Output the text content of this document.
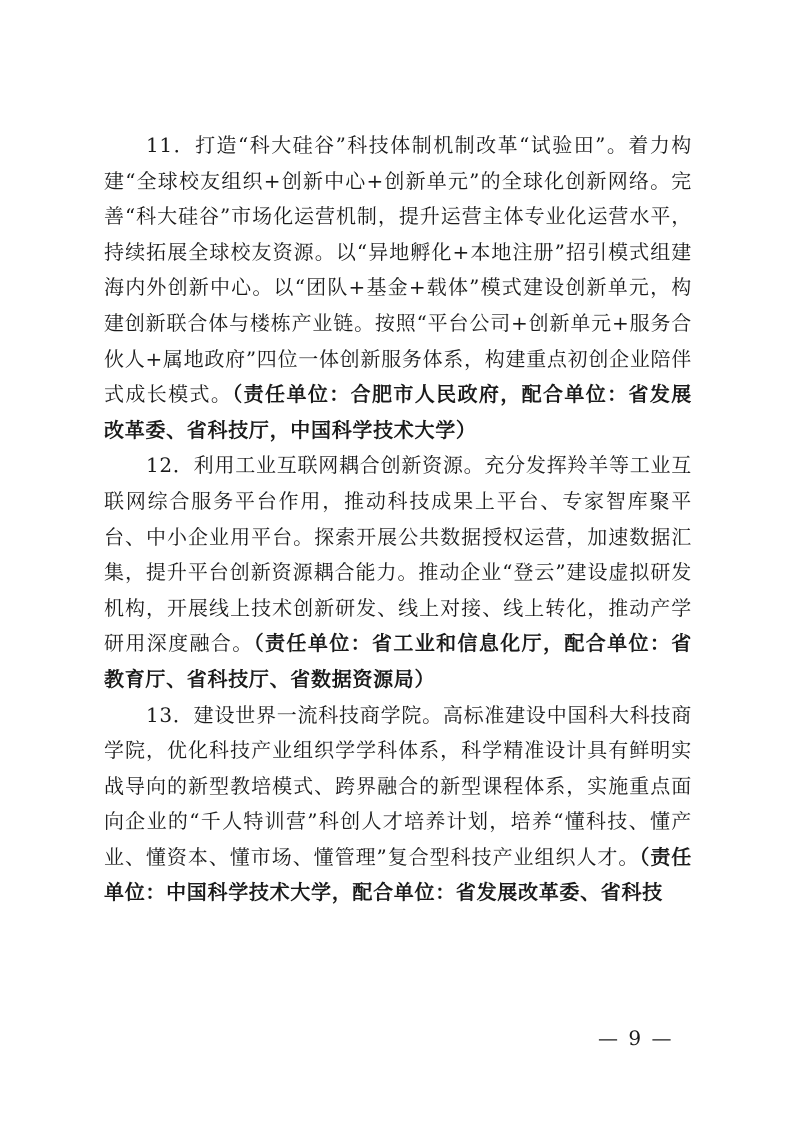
11．打造“科大硅谷”科技体制机制改革“试验田”。着力构建“全球校友组织+创新中心+创新单元”的全球化创新网络。完善“科大硅谷”市场化运营机制，提升运营主体专业化运营水平，持续拓展全球校友资源。以“异地孵化+本地注册”招引模式组建海内外创新中心。以“团队+基金+载体”模式建设创新单元，构建创新联合体与楼栋产业链。按照“平台公司+创新单元+服务合伙人+属地政府”四位一体创新服务体系，构建重点初创企业陪伴式成长模式。（责任单位：合肥市人民政府，配合单位：省发展改革委、省科技厅，中国科学技术大学）

12．利用工业互联网耦合创新资源。充分发挥羚羊等工业互联网综合服务平台作用，推动科技成果上平台、专家智库聚平台、中小企业用平台。探索开展公共数据授权运营，加速数据汇集，提升平台创新资源耦合能力。推动企业“登云”建设虚拟研发机构，开展线上技术创新研发、线上对接、线上转化，推动产学研用深度融合。（责任单位：省工业和信息化厅，配合单位：省教育厅、省科技厅、省数据资源局）

13．建设世界一流科技商学院。高标准建设中国科大科技商学院，优化科技产业组织学学科体系，科学精准设计具有鲜明实战导向的新型教培模式、跨界融合的新型课程体系，实施重点面向企业的“千人特训营”科创人才培养计划，培养“懂科技、懂产业、懂资本、懂市场、懂管理”复合型科技产业组织人才。（责任单位：中国科学技术大学，配合单位：省发展改革委、省科技

— 9 —
